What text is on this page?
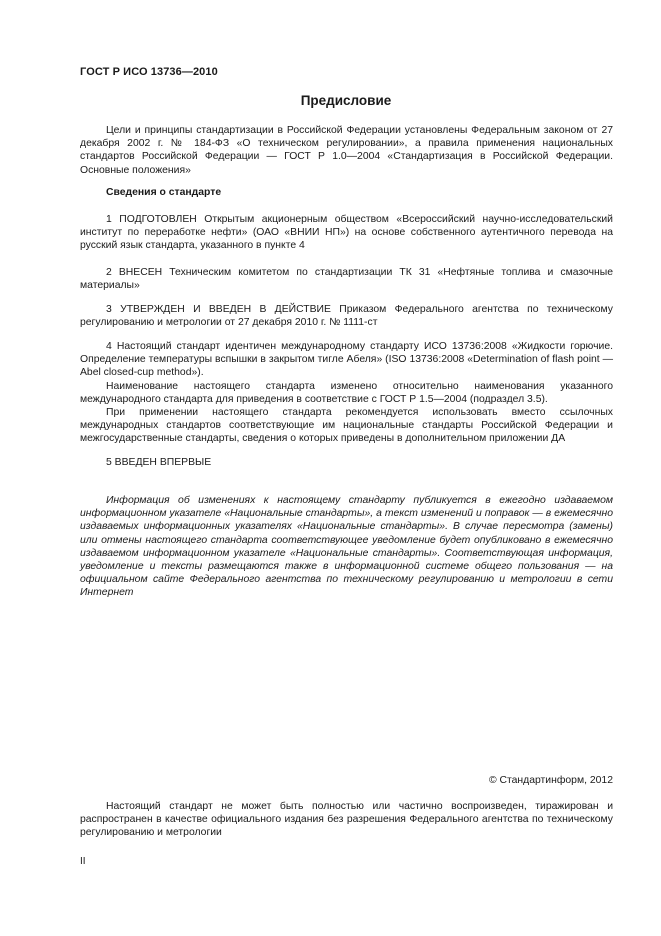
ГОСТ Р ИСО 13736—2010
Предисловие
Цели и принципы стандартизации в Российской Федерации установлены Федеральным законом от 27 декабря 2002 г. № 184-ФЗ «О техническом регулировании», а правила применения национальных стандартов Российской Федерации — ГОСТ Р 1.0—2004 «Стандартизация в Российской Федерации. Основные положения»
Сведения о стандарте
1 ПОДГОТОВЛЕН Открытым акционерным обществом «Всероссийский научно-исследовательский институт по переработке нефти» (ОАО «ВНИИ НП») на основе собственного аутентичного перевода на русский язык стандарта, указанного в пункте 4
2 ВНЕСЕН Техническим комитетом по стандартизации ТК 31 «Нефтяные топлива и смазочные материалы»
3 УТВЕРЖДЕН И ВВЕДЕН В ДЕЙСТВИЕ Приказом Федерального агентства по техническому регулированию и метрологии от 27 декабря 2010 г. № 1111-ст
4 Настоящий стандарт идентичен международному стандарту ИСО 13736:2008 «Жидкости горючие. Определение температуры вспышки в закрытом тигле Абеля» (ISO 13736:2008 «Determination of flash point — Abel closed-cup method»).
Наименование настоящего стандарта изменено относительно наименования указанного международного стандарта для приведения в соответствие с ГОСТ Р 1.5—2004 (подраздел 3.5).
При применении настоящего стандарта рекомендуется использовать вместо ссылочных международных стандартов соответствующие им национальные стандарты Российской Федерации и межгосударственные стандарты, сведения о которых приведены в дополнительном приложении ДА
5 ВВЕДЕН ВПЕРВЫЕ
Информация об изменениях к настоящему стандарту публикуется в ежегодно издаваемом информационном указателе «Национальные стандарты», а текст изменений и поправок — в ежемесячно издаваемых информационных указателях «Национальные стандарты». В случае пересмотра (замены) или отмены настоящего стандарта соответствующее уведомление будет опубликовано в ежемесячно издаваемом информационном указателе «Национальные стандарты». Соответствующая информация, уведомление и тексты размещаются также в информационной системе общего пользования — на официальном сайте Федерального агентства по техническому регулированию и метрологии в сети Интернет
© Стандартинформ, 2012
Настоящий стандарт не может быть полностью или частично воспроизведен, тиражирован и распространен в качестве официального издания без разрешения Федерального агентства по техническому регулированию и метрологии
II
